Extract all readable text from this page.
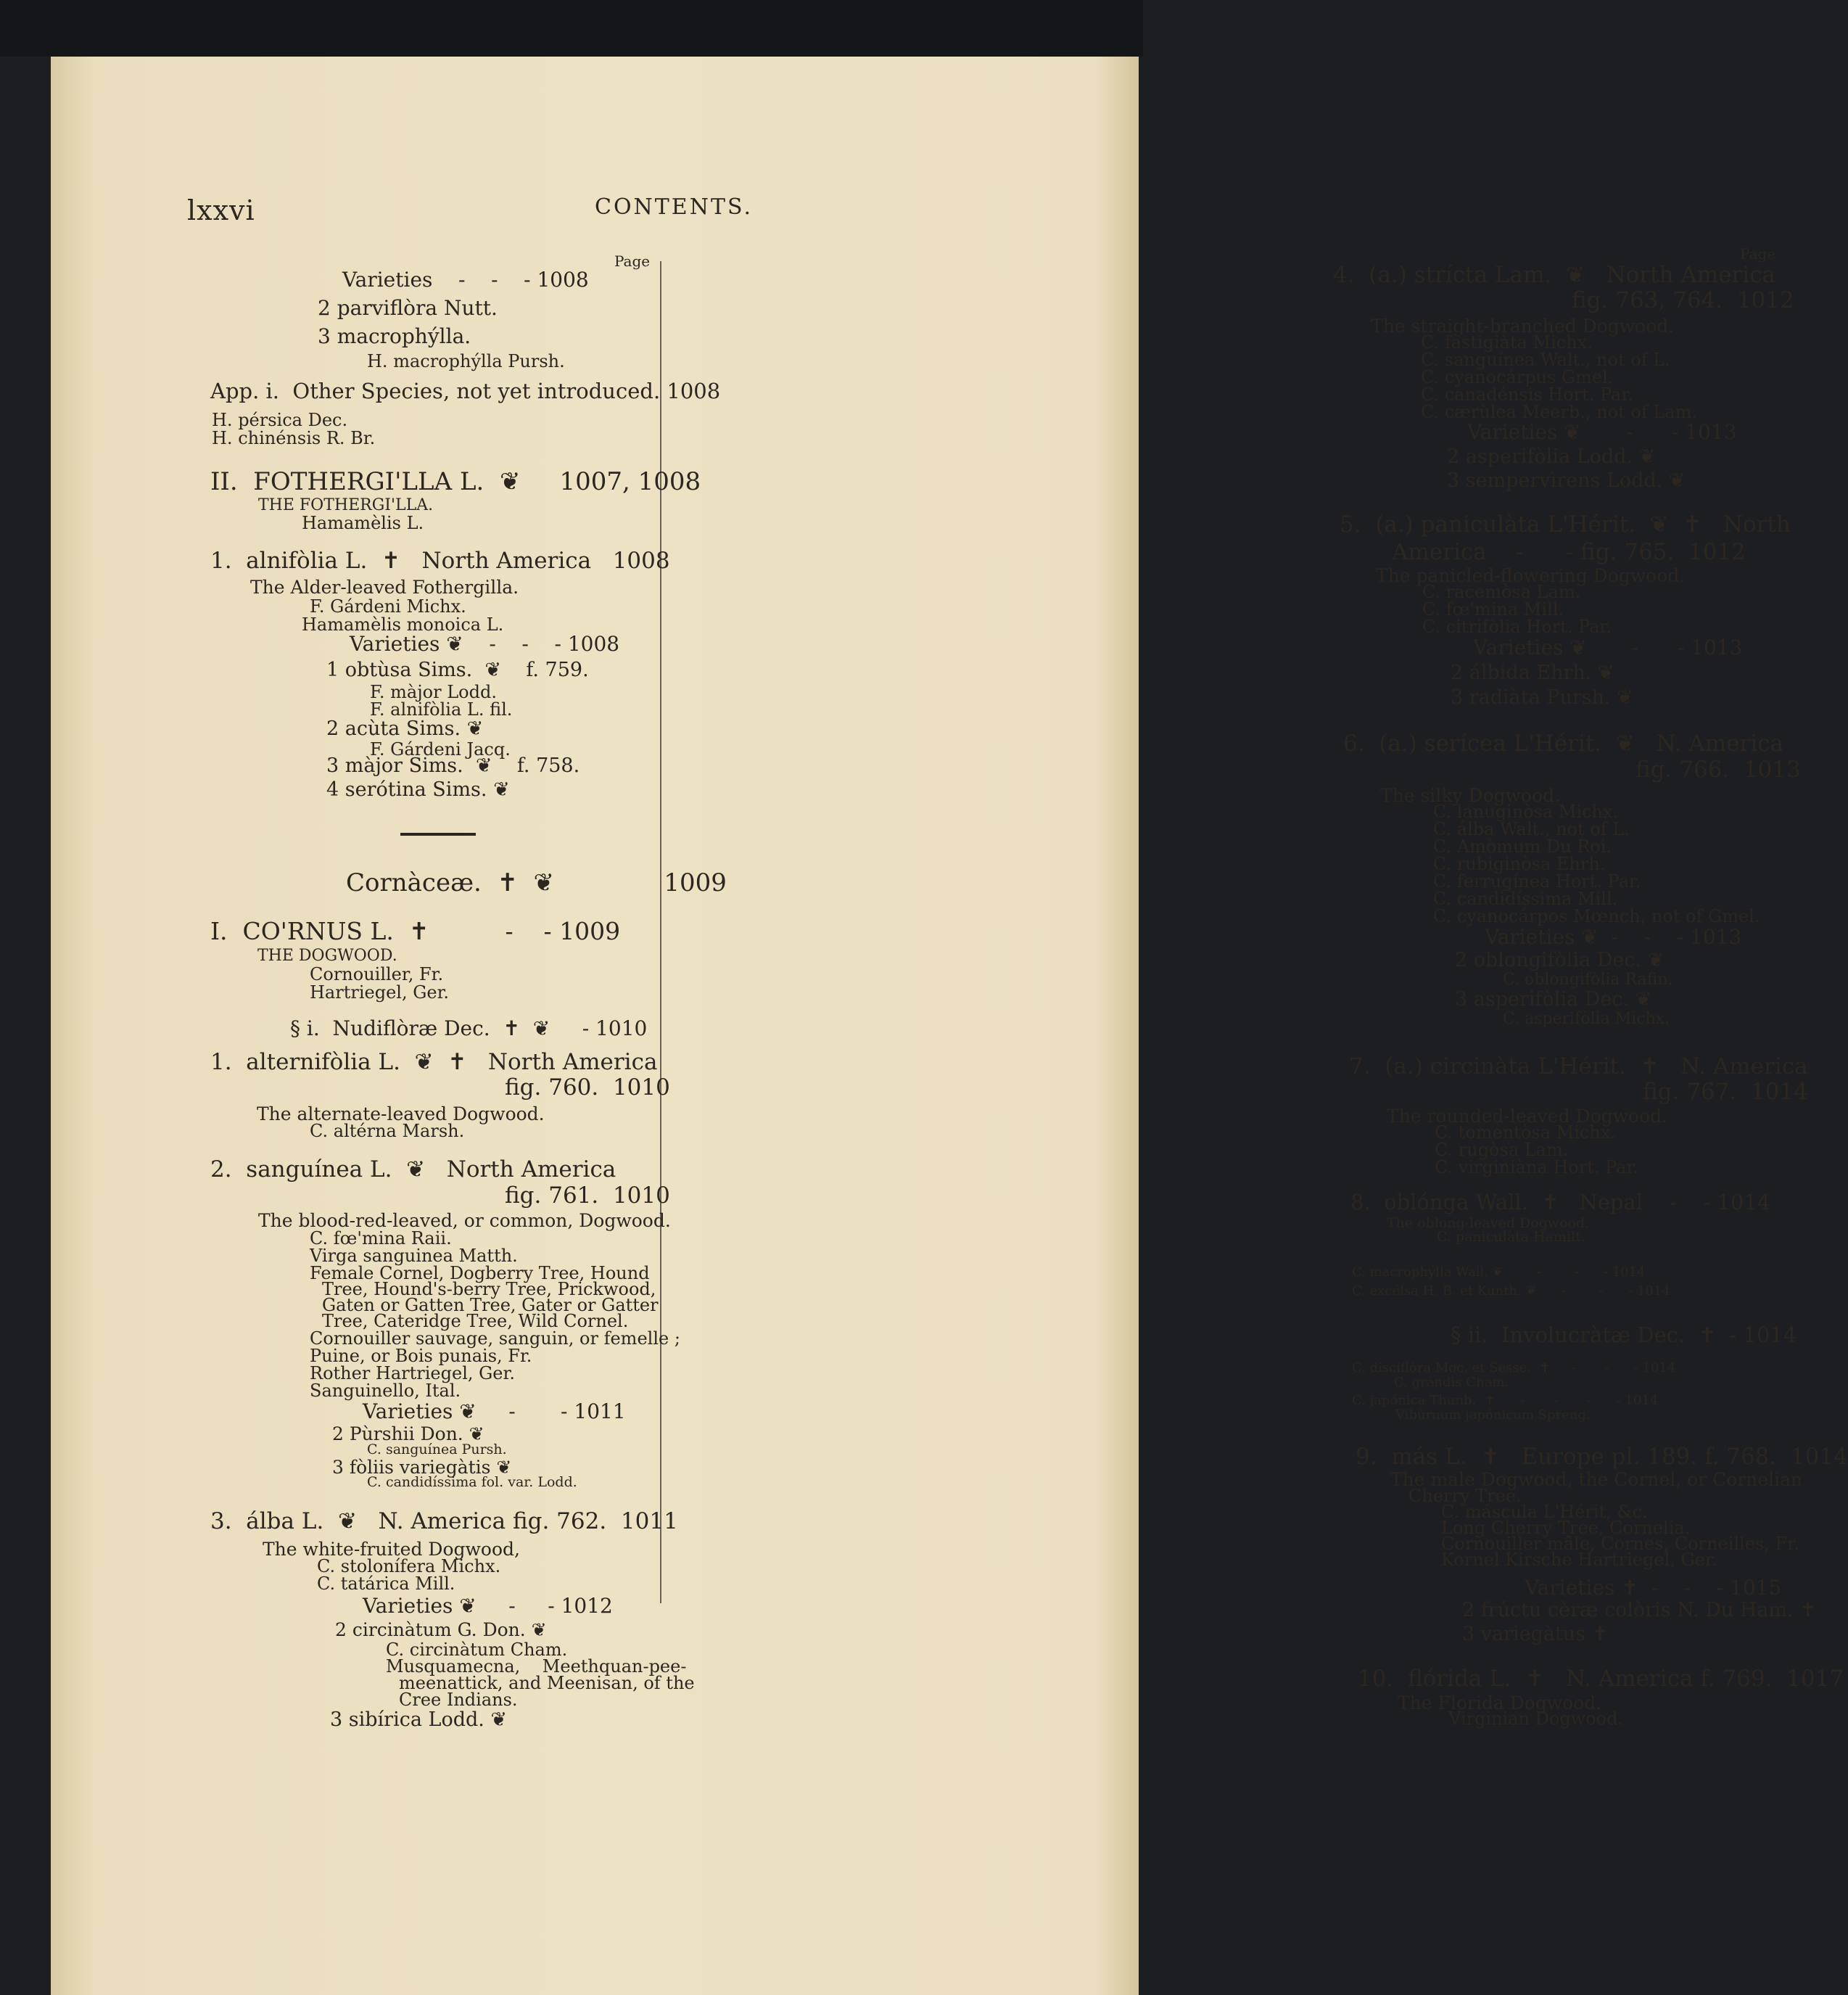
lxxvi	CONTENTS.
Page
Varieties    -    -    - 1008
2 parviflòra Nutt.
3 macrophýlla.
H. macrophýlla Pursh.
App. i.  Other Species, not yet introduced. 1008
H. pérsica Dec.
H. chinénsis R. Br.
II.  FOTHERGI'LLA L.  ❦     1007, 1008
THE FOTHERGI'LLA.
Hamamèlis L.
1.  alnifòlia L.  ✝   North America   1008
The Alder-leaved Fothergilla.
F. Gárdeni Michx.
Hamamèlis monoica L.
Varieties ❦    -    -    - 1008
1 obtùsa Sims.  ❦    f. 759.
F. màjor Lodd.
F. alnifòlia L. fil.
2 acùta Sims. ❦
F. Gárdeni Jacq.
3 màjor Sims.  ❦    f. 758.
4 serótina Sims. ❦
Cornàceæ.  ✝  ❦              1009
I.  CO'RNUS L.  ✝          -    - 1009
THE DOGWOOD.
Cornouiller, Fr.
Hartriegel, Ger.
§ i.  Nudiflòræ Dec.  ✝  ❦     - 1010
1.  alternifòlia L.  ❦  ✝   North America
fig. 760.  1010
The alternate-leaved Dogwood.
C. altérna Marsh.
2.  sanguínea L.  ❦   North America
fig. 761.  1010
The blood-red-leaved, or common, Dogwood.
C. fœ'mina Raii.
Virga sanguinea Matth.
Female Cornel, Dogberry Tree, Hound
Tree, Hound's-berry Tree, Prickwood,
Gaten or Gatten Tree, Gater or Gatter
Tree, Cateridge Tree, Wild Cornel.
Cornouiller sauvage, sanguin, or femelle ;
Puine, or Bois punais, Fr.
Rother Hartriegel, Ger.
Sanguinello, Ital.
Varieties ❦     -       - 1011
2 Pùrshii Don. ❦
C. sanguínea Pursh.
3 fòliis variegàtis ❦
C. candidíssima fol. var. Lodd.
3.  álba L.  ❦   N. America fig. 762.  1011
The white-fruited Dogwood,
C. stolonífera Michx.
C. tatárica Mill.
Varieties ❦     -     - 1012
2 circinàtum G. Don. ❦
C. circinàtum Cham.
Musquamecna,    Meethquan-pee-
meenattick, and Meenisan, of the
Cree Indians.
3 sibírica Lodd. ❦
Page
4.  (a.) strícta Lam.  ❦   North America
fig. 763, 764.  1012
The straight-branched Dogwood.
C. fastigiàta Michx.
C. sanguínea Walt., not of L.
C. cyanocárpus Gmel.
C. canadénsis Hort. Par.
C. cærùlea Meerb., not of Lam.
Varieties ❦       -      - 1013
2 asperifòlia Lodd. ❦
3 sempervìrens Lodd. ❦
5.  (a.) paniculàta L'Hérit.  ❦  ✝   North
America    -      - fig. 765.  1012
The panicled-flowering Dogwood.
C. racemòsa Lam.
C. fœ'mina Mill.
C. citrifòlia Hort. Par.
Varieties ❦       -      - 1013
2 álbida Ehrh. ❦
3 radiàta Pursh. ❦
6.  (a.) serícea L'Hérit.  ❦   N. America
fig. 766.  1013
The silky Dogwood.
C. lanuginòsa Michx.
C. álba Walt., not of L.
C. Amòmum Du Roi.
C. rubiginòsa Ehrh.
C. ferrugínea Hort. Par.
C. candidíssima Mill.
C. cyanocárpos Mœnch, not of Gmel.
Varieties ❦  -    -    - 1013
2 oblongifòlia Dec. ❦
C. oblongifòlia Rafin.
3 asperifòlia Dec. ❦
C. asperifòlia Michx.
7.  (a.) circinàta L'Hérit.  ✝   N. America
fig. 767.  1014
The rounded-leaved Dogwood.
C. tomentòsa Michx.
C. rugòsa Lam.
C. virginiàna Hort. Par.
8.  oblónga Wall.  ✝   Nepal    -    - 1014
The oblong-leaved Dogwood.
C. paniculàta Hamilt.
C. macrophýlla Wall. ❦        -        -      - 1014
C. excélsa H. B. et Kunth. ❦      -        -      - 1014
§ ii.  Involucràtæ Dec.  ✝  - 1014
C. disciflòra Moc. et Sesse.  ✝     -       -      - 1014
C. grándis Cham.
C. japónica Thunb.  ✝      -       -       -      - 1014
Vibùrnum japónicum Spreng.
9.  más L.  ✝   Europe pl. 189. f. 768.  1014
The male Dogwood, the Cornel, or Cornelian
Cherry Tree.
C. máscula L'Hérit, &c.
Long Cherry Tree, Cornelia.
Cornouiller mâle, Cornes, Corneilles, Fr.
Kornel Kirsche Hartriegel, Ger.
Varieties ✝  -    -    - 1015
2 frúctu cèræ colòris N. Du Ham. ✝
3 variegàtus ✝
10.  flórida L.  ✝   N. America f. 769.  1017
The Florida Dogwood.
Virginian Dogwood.
